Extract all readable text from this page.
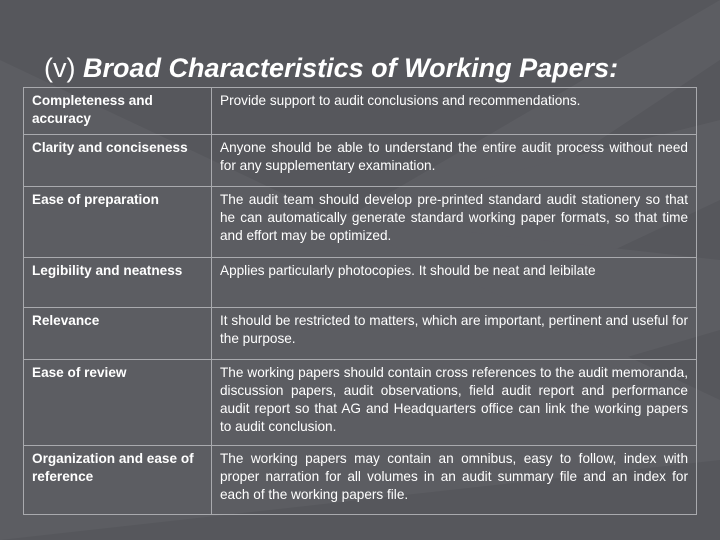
(v) Broad Characteristics of Working Papers:
Completeness and accuracy	Provide support to audit conclusions and recommendations.
Clarity and conciseness	Anyone should be able to understand the entire audit process without need for any supplementary examination.
Ease of preparation	The audit team should develop pre-printed standard audit stationery so that he can automatically generate standard working paper formats, so that time and effort may be optimized.
Legibility and neatness	Applies particularly photocopies. It should be neat and leibilate
Relevance	It should be restricted to matters, which are important, pertinent and useful for the purpose.
Ease of review	The working papers should contain cross references to the audit memoranda, discussion papers, audit observations, field audit report and performance audit report so that AG and Headquarters office can link the working papers to audit conclusion.
Organization and ease of reference	The working papers may contain an omnibus, easy to follow, index with proper narration for all volumes in an audit summary file and an index for each of the working papers file.
